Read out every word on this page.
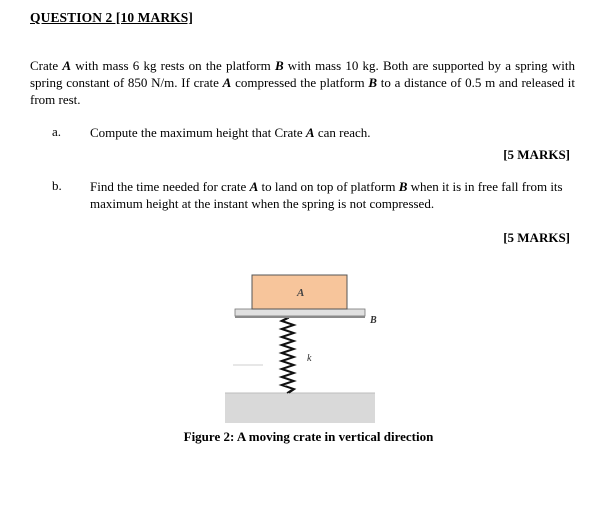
QUESTION 2 [10 MARKS]
Crate A with mass 6 kg rests on the platform B with mass 10 kg. Both are supported by a spring with spring constant of 850 N/m. If crate A compressed the platform B to a distance of 0.5 m and released it from rest.
a. Compute the maximum height that Crate A can reach.
[5 MARKS]
b. Find the time needed for crate A to land on top of platform B when it is in free fall from its maximum height at the instant when the spring is not compressed.
[5 MARKS]
A
B
k
Figure 2: A moving crate in vertical direction
